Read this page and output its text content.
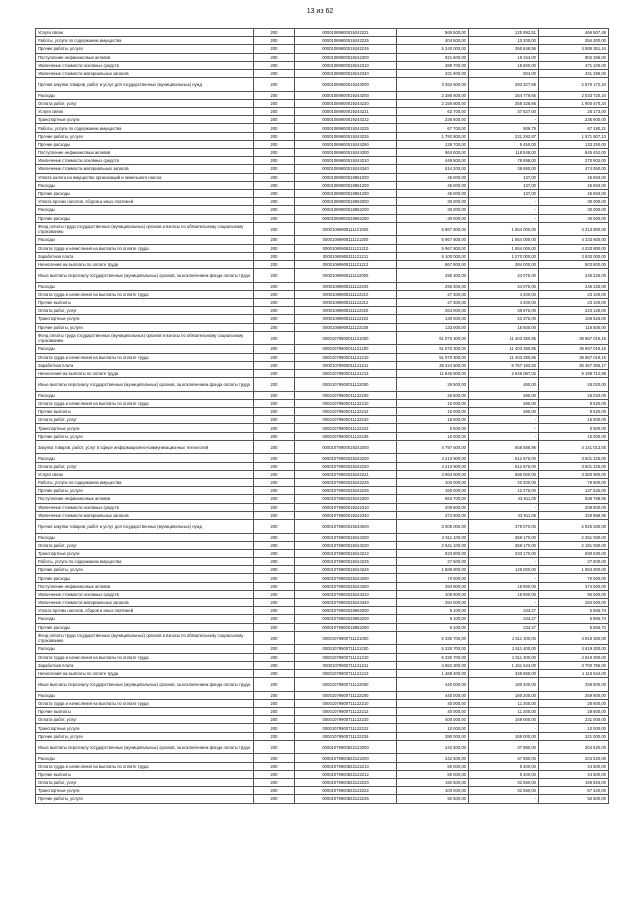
13 из 62
Услуги связи	200	00001089900019242221	565 500,00	125 992,51	466 507,49
Работы, услуги по содержанию имущества	200	00001089900019242225	404 500,00	10 200,00	394 300,00
Прочие работы, услуги	200	00001089900019242226	5 240 000,00	350 848,56	4 889 351,44
Поступление нефинансовых активов	200	00001089900019242300	921 600,00	19 154,00	902 286,00
Увеличение стоимости основных средств	200	00001089900019242310	489 700,00	18 600,00	471 100,00
Увеличение стоимости материальных запасов	200	00001089900019242340	431 900,00	504,00	431 296,00
Прочая закупка товаров, работ и услуг для государственных (муниципальных) нужд	200	00001089900019244000	3 262 600,00	393 327,68	2 879 172,34
Расходы	200	00001089900019244200	2 288 600,00	254 779,66	2 033 720,34
Оплата работ, услуг	200	00001089900019244220	2 159 800,00	259 326,66	1 900 470,34
Услуги связи	200	00001089900019244221	62 700,00	37 527,00	25 173,00
Транспортные услуги	200	00001089900019244222	236 600,00	-	236 600,00
Работы, услуги по содержанию имущества	200	00001089900019244225	67 700,00	509,79	67 190,21
Прочие работы, услуги	200	00001089900019244226	1 792 800,00	221 292,87	1 571 507,13
Прочие расходы	200	00001089900019244290	138 700,00	5 450,00	133 250,00
Поступление нефинансовых активов	200	00001089900019244300	964 000,00	118 548,00	845 452,00
Увеличение стоимости основных средств	200	00001089900019244310	449 800,00	78 898,00	370 902,00
Увеличение стоимости материальных запасов	200	00001089900019244340	514 200,00	39 650,00	474 550,00
Уплата налога на имущество организаций и земельного налога	200	00001089900019851000	46 000,00	137,00	45 863,00
Расходы	200	00001089900019851200	46 000,00	137,00	45 863,00
Прочие расходы	200	00001089900019851290	46 000,00	137,00	45 863,00
Уплата прочих налогов, сборов и иных платежей	200	00001089900019852000	30 000,00	-	30 000,00
Расходы	200	00001089900019852200	30 000,00	-	30 000,00
Прочие расходы	200	00001089900019852290	30 000,00	-	30 000,00
Фонд оплаты труда государственных (муниципальных) органов и взносы по обязательному социальному страхованию	200	00001069908111121000	5 967 800,00	1 654 000,00	4 313 800,00
Расходы	200	00001069908111121200	5 967 800,00	1 654 000,00	4 333 800,00
Оплата труда и начисления на выплаты по оплате труда	200	00001069908111121210	5 967 800,00	1 654 000,00	4 333 800,00
Заработная плата	200	00001069908111121211	5 100 000,00	1 270 000,00	3 830 000,00
Начисления на выплаты по оплате труда	200	00001069908111121213	867 800,00	384 000,00	503 800,00
Иные выплаты персоналу государственных (муниципальных) органов, за исключением фонда оплаты труда	200	00001069908111122000	290 300,00	44 075,00	246 225,00
Расходы	200	00001069908111122200	290 300,00	44 075,00	246 225,00
Оплата труда и начисления на выплаты по оплате труда	200	00001069908111122210	27 300,00	4 200,00	23 100,00
Прочие выплаты	200	00001069908111122212	27 300,00	4 200,00	23 100,00
Оплата работ, услуг	200	00001069908111122220	263 000,00	39 875,00	223 125,00
Транспортные услуги	200	00001069908111122222	130 000,00	23 375,00	106 625,00
Прочие работы, услуги	200	00001069908111122226	133 000,00	16 500,00	116 500,00
Фонд оплаты труда государственных (муниципальных) органов и взносы по обязательному социальному страхованию	200	00001079900011121000	51 070 300,00	11 403 280,85	39 667 019,15
Расходы	200	00001079900011121200	51 070 300,00	11 403 280,85	39 667 019,15
Оплата труда и начисления на выплаты по оплате труда	200	00001079900011121210	51 070 300,00	11 403 280,85	39 667 019,15
Заработная плата	200	00001079900011121211	39 224 500,00	8 757 193,83	30 467 306,17
Начисления на выплаты по оплате труда	200	00001079900011121213	11 845 800,00	2 646 087,02	9 199 712,98
Иные выплаты персоналу государственных (муниципальных) органов, за исключением фонда оплаты труда	200	00001079900011122000	26 500,00	480,00	26 020,00
Расходы	200	00001079900011122200	26 500,00	480,00	26 020,00
Оплата труда и начисления на выплаты по оплате труда	200	00001079900011122210	10 000,00	480,00	9 520,00
Прочие выплаты	200	00001079900011122212	10 000,00	480,00	9 520,00
Оплата работ, услуг	200	00001079900011122220	16 500,00	-	16 500,00
Транспортные услуги	200	00001079900011122222	6 500,00	-	6 500,00
Прочие работы, услуги	200	00001079900011122226	10 000,00	-	10 000,00
Закупка товаров, работ, услуг в сфере информационно-коммуникационных технологий	200	00001079900019242000	4 797 600,00	656 586,95	4 141 013,05
Расходы	200	00001079900019242200	4 213 900,00	612 675,00	3 601 225,00
Оплата работ, услуг	200	00001079900019242220	4 213 900,00	612 675,00	3 601 225,00
Услуги связи	200	00001079900019242221	3 963 900,00	580 000,00	3 383 900,00
Работы, услуги по содержанию имущества	200	00001079900019242225	100 000,00	20 200,00	79 800,00
Прочие работы, услуги	200	00001079900019242226	150 000,00	12 475,00	137 525,00
Поступление нефинансовых активов	200	00001079900019242300	583 700,00	43 911,05	539 788,95
Увеличение стоимости основных средств	200	00001079900019242310	209 800,00	-	209 800,00
Увеличение стоимости материальных запасов	200	00001079900019242340	373 900,00	43 911,05	329 988,95
Прочая закупка товаров, работ и услуг для государственных (муниципальных) нужд	200	00001079900019244000	3 005 000,00	379 070,00	2 625 930,00
Расходы	200	00001079900019244200	2 611 100,00	359 170,00	2 251 930,00
Оплата работ, услуг	200	00001079900019244220	2 541 100,00	359 170,00	2 181 930,00
Транспортные услуги	200	00001079900019244222	823 800,00	233 170,00	590 630,00
Работы, услуги по содержанию имущества	200	00001079900019244225	27 500,00	-	27 500,00
Прочие работы, услуги	200	00001079900019244226	1 689 800,00	126 000,00	1 563 800,00
Прочие расходы	200	00001079900019244290	70 000,00	-	70 000,00
Поступление нефинансовых активов	200	00001079900019244300	393 900,00	19 900,00	374 000,00
Увеличение стоимости основных средств	200	00001079900019244310	109 900,00	19 900,00	90 000,00
Увеличение стоимости материальных запасов	200	00001079900019244340	284 000,00	-	284 000,00
Уплата прочих налогов, сборов и иных платежей	200	00001079900019852000	6 100,00	234,27	5 865,73
Расходы	200	00001079900019852200	6 100,00	234,27	5 865,73
Прочие расходы	200	00001079900019852290	6 100,00	234,27	5 865,73
Фонд оплаты труда государственных (муниципальных) органов и взносы по обязательному социальному страхованию	200	00001079900711121000	6 330 700,00	1 511 400,00	4 819 300,00
Расходы	200	00001079900711121200	6 330 700,00	1 511 400,00	4 819 300,00
Оплата труда и начисления на выплаты по оплате труда	200	00001079900711121210	6 330 700,00	1 511 400,00	4 819 300,00
Заработная плата	200	00001079900711121211	4 862 300,00	1 161 544,00	3 700 756,00
Начисления на выплаты по оплате труда	200	00001079900711121213	1 468 400,00	349 856,00	1 118 544,00
Иные выплаты персоналу государственных (муниципальных) органов, за исключением фонда оплаты труда	200	00001079900711122000	440 000,00	180 200,00	259 800,00
Расходы	200	00001079900711122200	440 000,00	180 200,00	259 800,00
Оплата труда и начисления на выплаты по оплате труда	200	00001079900711122210	40 000,00	11 200,00	28 800,00
Прочие выплаты	200	00001079900711122212	40 000,00	11 200,00	28 800,00
Оплата работ, услуг	200	00001079900711122220	400 000,00	169 000,00	231 000,00
Транспортные услуги	200	00001079900711122222	10 000,00	-	10 000,00
Прочие работы, услуги	200	00001079900711122226	390 000,00	169 000,00	221 000,00
Иные выплаты персоналу государственных (муниципальных) органов, за исключением фонда оплаты труда	200	00001079900822122000	242 500,00	37 980,00	204 520,00
Расходы	200	00001079900822122200	242 500,00	37 980,00	204 520,00
Оплата труда и начисления на выплаты по оплате труда	200	00001079900822122210	50 000,00	5 400,00	44 600,00
Прочие выплаты	200	00001079900822122212	50 000,00	5 400,00	44 600,00
Оплата работ, услуг	200	00001079900822122220	192 500,00	32 580,00	159 920,00
Транспортные услуги	200	00001079900822122222	100 000,00	32 580,00	67 420,00
Прочие работы, услуги	200	00001079900822122226	92 500,00	-	92 500,00
